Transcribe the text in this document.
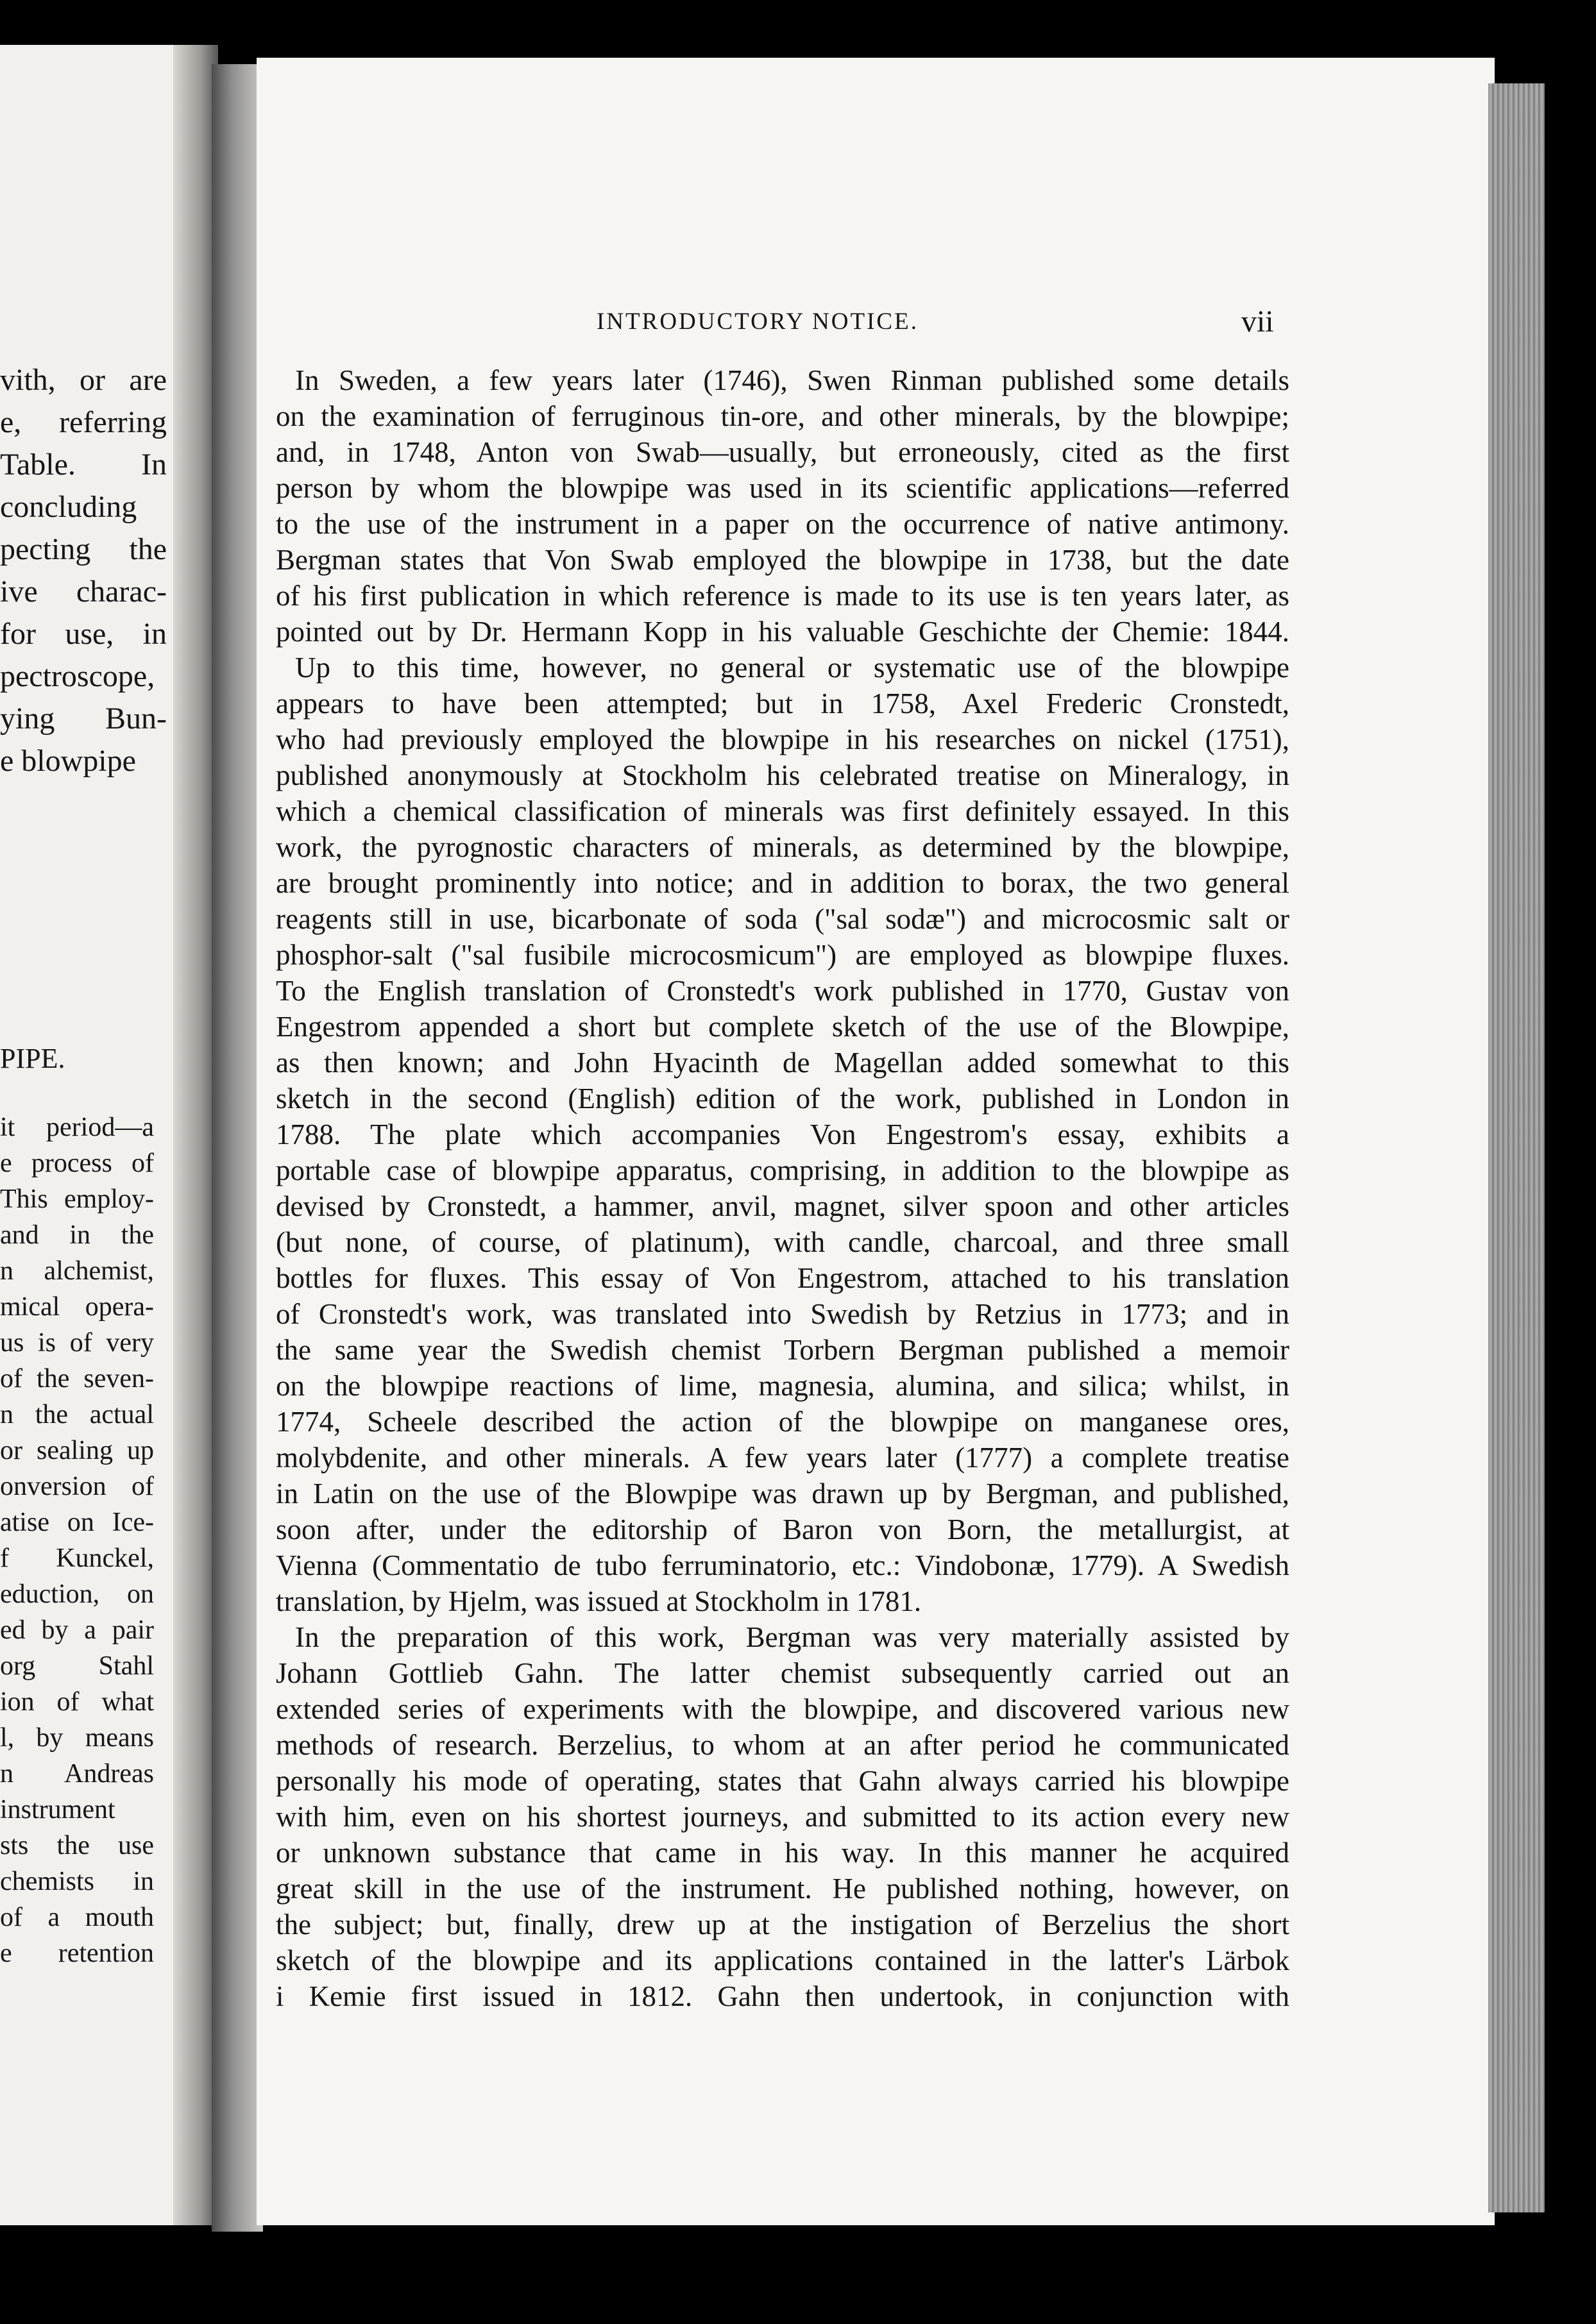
vith, or are
e, referring
Table. In
concluding
pecting the
ive charac-
for use, in
pectroscope,
ying Bun-
e blowpipe
PIPE.
it period—a
e process of
This employ-
and in the
n alchemist,
mical opera-
us is of very
of the seven-
n the actual
or sealing up
onversion of
atise on Ice-
f Kunckel,
eduction, on
ed by a pair
org Stahl
ion of what
l, by means
n Andreas
instrument
sts the use
chemists in
of a mouth
e retention
INTRODUCTORY NOTICE.	vii
In Sweden, a few years later (1746), Swen Rinman published some details
on the examination of ferruginous tin-ore, and other minerals, by the blowpipe;
and, in 1748, Anton von Swab—usually, but erroneously, cited as the first
person by whom the blowpipe was used in its scientific applications—referred
to the use of the instrument in a paper on the occurrence of native antimony.
Bergman states that Von Swab employed the blowpipe in 1738, but the date
of his first publication in which reference is made to its use is ten years later, as
pointed out by Dr. Hermann Kopp in his valuable Geschichte der Chemie: 1844.
Up to this time, however, no general or systematic use of the blowpipe
appears to have been attempted; but in 1758, Axel Frederic Cronstedt,
who had previously employed the blowpipe in his researches on nickel (1751),
published anonymously at Stockholm his celebrated treatise on Mineralogy, in
which a chemical classification of minerals was first definitely essayed. In this
work, the pyrognostic characters of minerals, as determined by the blowpipe,
are brought prominently into notice; and in addition to borax, the two general
reagents still in use, bicarbonate of soda ("sal sodæ") and microcosmic salt or
phosphor-salt ("sal fusibile microcosmicum") are employed as blowpipe fluxes.
To the English translation of Cronstedt's work published in 1770, Gustav von
Engestrom appended a short but complete sketch of the use of the Blowpipe,
as then known; and John Hyacinth de Magellan added somewhat to this
sketch in the second (English) edition of the work, published in London in
1788. The plate which accompanies Von Engestrom's essay, exhibits a
portable case of blowpipe apparatus, comprising, in addition to the blowpipe as
devised by Cronstedt, a hammer, anvil, magnet, silver spoon and other articles
(but none, of course, of platinum), with candle, charcoal, and three small
bottles for fluxes. This essay of Von Engestrom, attached to his translation
of Cronstedt's work, was translated into Swedish by Retzius in 1773; and in
the same year the Swedish chemist Torbern Bergman published a memoir
on the blowpipe reactions of lime, magnesia, alumina, and silica; whilst, in
1774, Scheele described the action of the blowpipe on manganese ores,
molybdenite, and other minerals. A few years later (1777) a complete treatise
in Latin on the use of the Blowpipe was drawn up by Bergman, and published,
soon after, under the editorship of Baron von Born, the metallurgist, at
Vienna (Commentatio de tubo ferruminatorio, etc.: Vindobonæ, 1779). A Swedish
translation, by Hjelm, was issued at Stockholm in 1781.
In the preparation of this work, Bergman was very materially assisted by
Johann Gottlieb Gahn. The latter chemist subsequently carried out an
extended series of experiments with the blowpipe, and discovered various new
methods of research. Berzelius, to whom at an after period he communicated
personally his mode of operating, states that Gahn always carried his blowpipe
with him, even on his shortest journeys, and submitted to its action every new
or unknown substance that came in his way. In this manner he acquired
great skill in the use of the instrument. He published nothing, however, on
the subject; but, finally, drew up at the instigation of Berzelius the short
sketch of the blowpipe and its applications contained in the latter's Lärbok
i Kemie first issued in 1812. Gahn then undertook, in conjunction with
